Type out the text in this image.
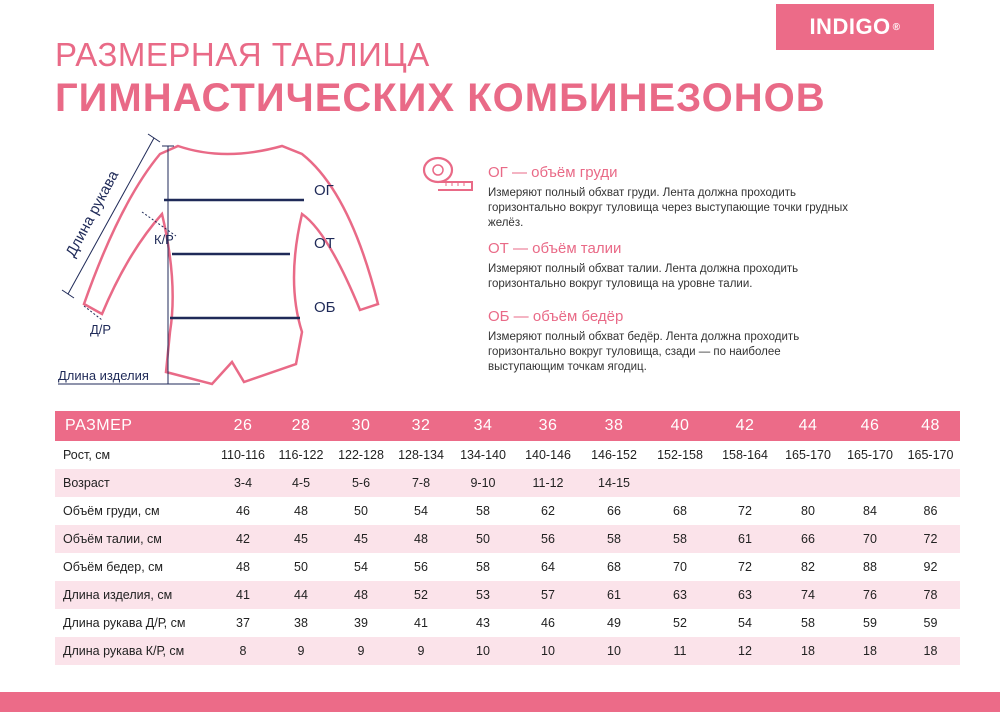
INDIGO ®
РАЗМЕРНАЯ ТАБЛИЦА
ГИМНАСТИЧЕСКИХ КОМБИНЕЗОНОВ
Длина рукава К/Р
Д/Р
Длина изделия
ОГ
ОТ
ОБ
ОГ — объём груди

Измеряют полный обхват груди. Лента должна проходить горизонтально вокруг туловища через выступающие точки грудных желёз.

ОТ — объём талии

Измеряют полный обхват талии. Лента должна проходить горизонтально вокруг туловища на уровне талии.

ОБ — объём бедёр

Измеряют полный обхват бедёр. Лента должна проходить горизонтально вокруг туловища, сзади — по наиболее выступающим точкам ягодиц.

РАЗМЕР	26	28	30	32	34	36	38	40	42	44	46	48
Рост, см	110-116	116-122	122-128	128-134	134-140	140-146	146-152	152-158	158-164	165-170	165-170	165-170
Возраст	3-4	4-5	5-6	7-8	9-10	11-12	14-15					
Объём груди, см	46	48	50	54	58	62	66	68	72	80	84	86
Объём талии, см	42	45	45	48	50	56	58	58	61	66	70	72
Объём бедер, см	48	50	54	56	58	64	68	70	72	82	88	92
Длина изделия, см	41	44	48	52	53	57	61	63	63	74	76	78
Длина рукава Д/Р, см	37	38	39	41	43	46	49	52	54	58	59	59
Длина рукава К/Р, см	8	9	9	9	10	10	10	11	12	18	18	18
